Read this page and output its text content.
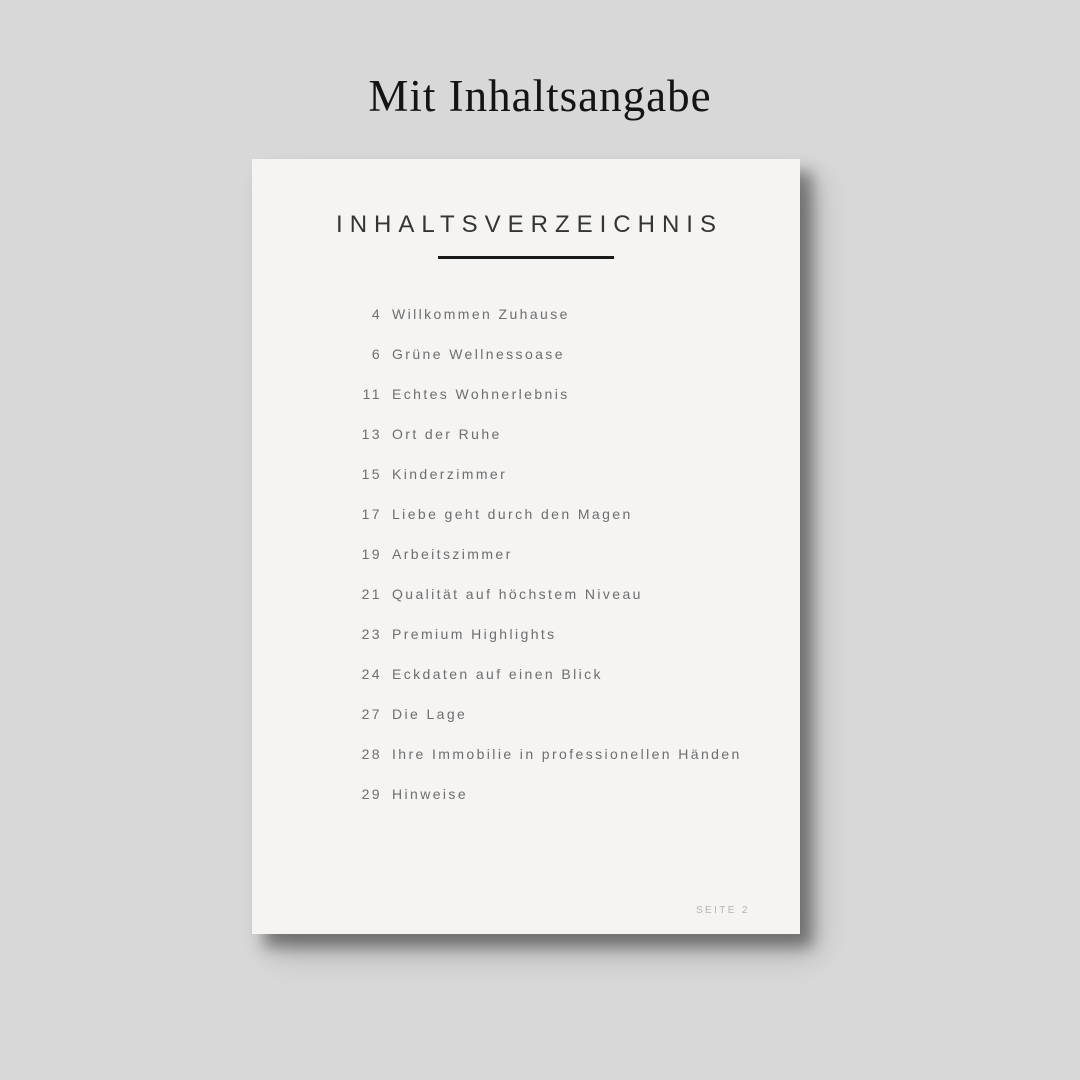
Mit Inhaltsangabe
INHALTSVERZEICHNIS
4 Willkommen Zuhause
6 Grüne Wellnessoase
11 Echtes Wohnerlebnis
13 Ort der Ruhe
15 Kinderzimmer
17 Liebe geht durch den Magen
19 Arbeitszimmer
21 Qualität auf höchstem Niveau
23 Premium Highlights
24 Eckdaten auf einen Blick
27 Die Lage
28 Ihre Immobilie in professionellen Händen
29 Hinweise
SEITE 2
